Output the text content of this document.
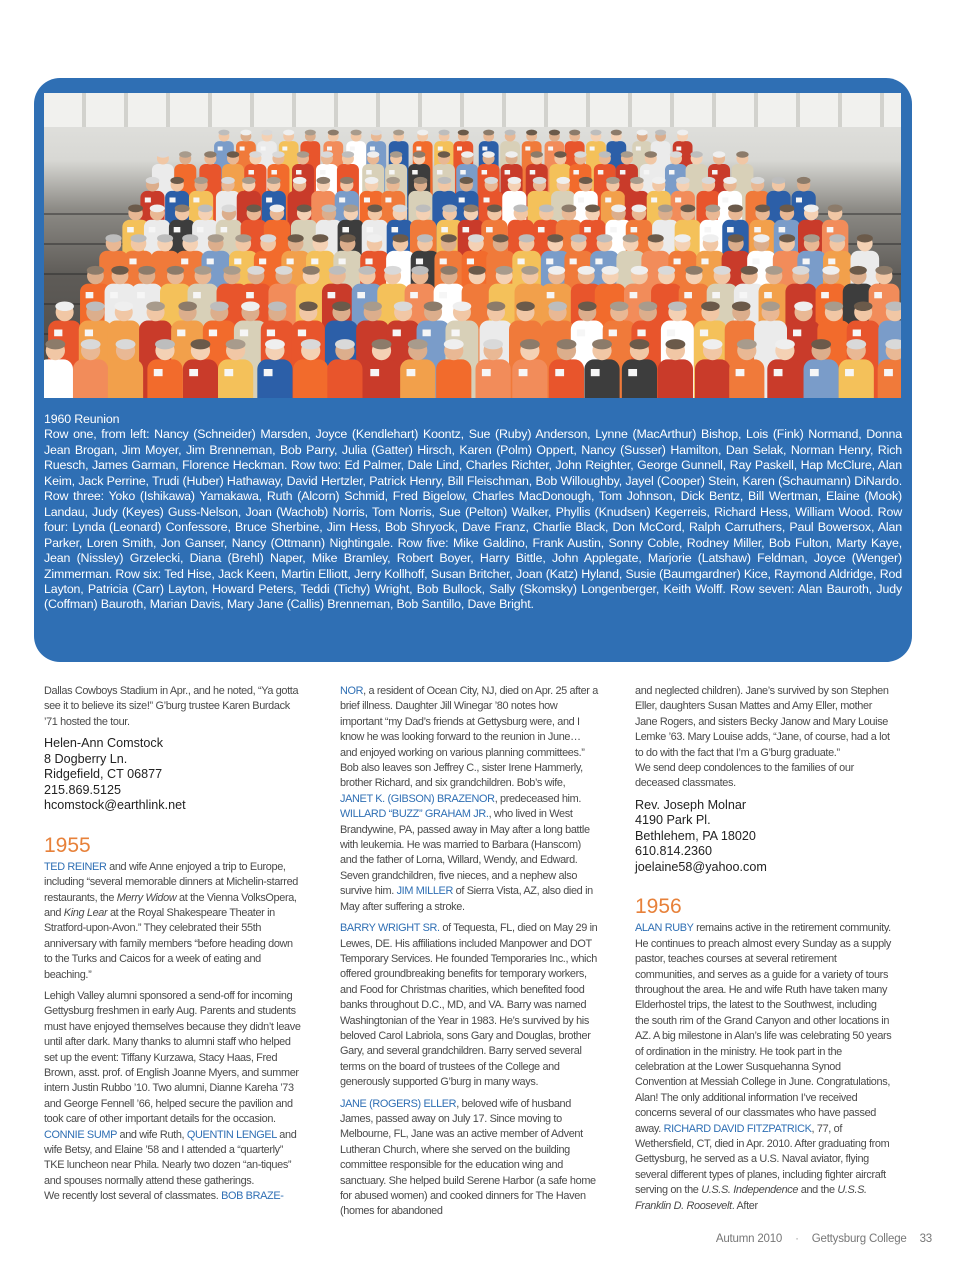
1960 Reunion
Row one, from left: Nancy (Schneider) Marsden, Joyce (Kendlehart) Koontz, Sue (Ruby) Anderson, Lynne (MacArthur) Bishop, Lois (Fink) Normand, Donna Jean Brogan, Jim Moyer, Jim Brenneman, Bob Parry, Julia (Gatter) Hirsch, Karen (Polm) Oppert, Nancy (Susser) Hamilton, Dan Selak, Norman Henry, Rich Ruesch, James Garman, Florence Heckman. Row two: Ed Palmer, Dale Lind, Charles Richter, John Reighter, George Gunnell, Ray Paskell, Hap McClure, Alan Keim, Jack Perrine, Trudi (Huber) Hathaway, David Hertzler, Patrick Henry, Bill Fleischman, Bob Willoughby, Jayel (Cooper) Stein, Karen (Schaumann) DiNardo. Row three: Yoko (Ishikawa) Yamakawa, Ruth (Alcorn) Schmid, Fred Bigelow, Charles MacDonough, Tom Johnson, Dick Bentz, Bill Wertman, Elaine (Mook) Landau, Judy (Keyes) Guss-Nelson, Joan (Wachob) Norris, Tom Norris, Sue (Pelton) Walker, Phyllis (Knudsen) Kegerreis, Richard Hess, William Wood. Row four: Lynda (Leonard) Confessore, Bruce Sherbine, Jim Hess, Bob Shryock, Dave Franz, Charlie Black, Don McCord, Ralph Carruthers, Paul Bowersox, Alan Parker, Loren Smith, Jon Ganser, Nancy (Ottmann) Nightingale. Row five: Mike Galdino, Frank Austin, Sonny Coble, Rodney Miller, Bob Fulton, Marty Kaye, Jean (Nissley) Grzelecki, Diana (Brehl) Naper, Mike Bramley, Robert Boyer, Harry Bittle, John Applegate, Marjorie (Latshaw) Feldman, Joyce (Wenger) Zimmerman. Row six: Ted Hise, Jack Keen, Martin Elliott, Jerry Kollhoff, Susan Britcher, Joan (Katz) Hyland, Susie (Baumgardner) Kice, Raymond Aldridge, Rod Layton, Patricia (Carr) Layton, Howard Peters, Teddi (Tichy) Wright, Bob Bullock, Sally (Skomsky) Longenberger, Keith Wolff. Row seven: Alan Bauroth, Judy (Coffman) Bauroth, Marian Davis, Mary Jane (Callis) Brenneman, Bob Santillo, Dave Bright.

Dallas Cowboys Stadium in Apr., and he noted, “Ya gotta see it to believe its size!” G’burg trustee Karen Burdack ’71 hosted the tour.

Helen-Ann Comstock
8 Dogberry Ln.
Ridgefield, CT 06877
215.869.5125
hcomstock@earthlink.net
1955

TED REINER and wife Anne enjoyed a trip to Europe, including “several memorable dinners at Michelin-starred restaurants, the Merry Widow at the Vienna VolksOpera, and King Lear at the Royal Shakespeare Theater in Stratford-upon-Avon.” They celebrated their 55th anniversary with family members “before heading down to the Turks and Caicos for a week of eating and beaching.”

Lehigh Valley alumni sponsored a send-off for incoming Gettysburg freshmen in early Aug. Parents and students must have enjoyed themselves because they didn’t leave until after dark. Many thanks to alumni staff who helped set up the event: Tiffany Kurzawa, Stacy Haas, Fred Brown, asst. prof. of English Joanne Myers, and summer intern Justin Rubbo ’10. Two alumni, Dianne Kareha ’73 and George Fennell ’66, helped secure the pavilion and took care of other important details for the occasion.

CONNIE SUMP and wife Ruth, QUENTIN LENGEL and wife Betsy, and Elaine ’58 and I attended a “quarterly” TKE luncheon near Phila. Nearly two dozen “an-tiques” and spouses normally attend these gatherings.

We recently lost several of classmates. BOB BRAZE-

NOR, a resident of Ocean City, NJ, died on Apr. 25 after a brief illness. Daughter Jill Winegar ’80 notes how important “my Dad’s friends at Gettysburg were, and I know he was looking forward to the reunion in June… and enjoyed working on various planning committees.” Bob also leaves son Jeffrey C., sister Irene Hammerly, brother Richard, and six grandchildren. Bob’s wife, JANET K. (GIBSON) BRAZENOR, predeceased him. WILLARD “BUZZ” GRAHAM JR., who lived in West Brandywine, PA, passed away in May after a long battle with leukemia. He was married to Barbara (Hanscom) and the father of Lorna, Willard, Wendy, and Edward. Seven grandchildren, five nieces, and a nephew also survive him. JIM MILLER of Sierra Vista, AZ, also died in May after suffering a stroke.

BARRY WRIGHT SR. of Tequesta, FL, died on May 29 in Lewes, DE. His affiliations included Manpower and DOT Temporary Services. He founded Temporaries Inc., which offered groundbreaking benefits for temporary workers, and Food for Christmas charities, which benefited food banks throughout D.C., MD, and VA. Barry was named Washingtonian of the Year in 1983. He’s survived by his beloved Carol Labriola, sons Gary and Douglas, brother Gary, and several grandchildren. Barry served several terms on the board of trustees of the College and generously supported G’burg in many ways.

JANE (ROGERS) ELLER, beloved wife of husband James, passed away on July 17. Since moving to Melbourne, FL, Jane was an active member of Advent Lutheran Church, where she served on the building committee responsible for the education wing and sanctuary. She helped build Serene Harbor (a safe home for abused women) and cooked dinners for The Haven (homes for abandoned

and neglected children). Jane’s survived by son Stephen Eller, daughters Susan Mattes and Amy Eller, mother Jane Rogers, and sisters Becky Janow and Mary Louise Lemke ’63. Mary Louise adds, “Jane, of course, had a lot to do with the fact that I’m a G’burg graduate.”

We send deep condolences to the families of our deceased classmates.

Rev. Joseph Molnar
4190 Park Pl.
Bethlehem, PA 18020
610.814.2360
joelaine58@yahoo.com
1956

ALAN RUBY remains active in the retirement community. He continues to preach almost every Sunday as a supply pastor, teaches courses at several retirement communities, and serves as a guide for a variety of tours throughout the area. He and wife Ruth have taken many Elderhostel trips, the latest to the Southwest, including the south rim of the Grand Canyon and other locations in AZ. A big milestone in Alan’s life was celebrating 50 years of ordination in the ministry. He took part in the celebration at the Lower Susquehanna Synod Convention at Messiah College in June. Congratulations, Alan! The only additional information I’ve received concerns several of our classmates who have passed away. RICHARD DAVID FITZPATRICK, 77, of Wethersfield, CT, died in Apr. 2010. After graduating from Gettysburg, he served as a U.S. Naval aviator, flying several different types of planes, including fighter aircraft serving on the U.S.S. Independence and the U.S.S. Franklin D. Roosevelt. After

Autumn 2010 · Gettysburg College 33
